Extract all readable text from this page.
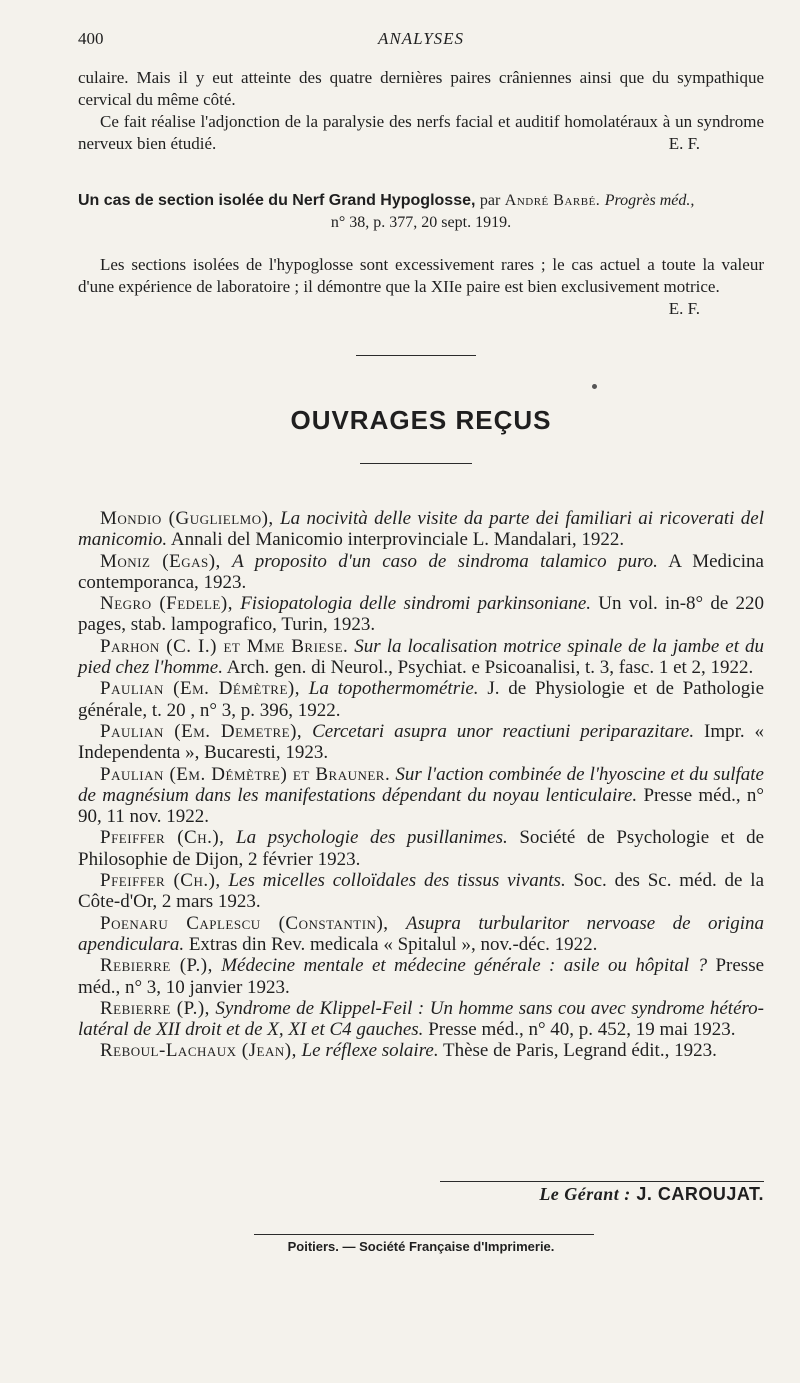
400	ANALYSES

culaire. Mais il y eut atteinte des quatre dernières paires crâniennes ainsi que du sympathique cervical du même côté.

Ce fait réalise l'adjonction de la paralysie des nerfs facial et auditif homolatéraux à un syndrome nerveux bien étudié.	E. F.

Un cas de section isolée du Nerf Grand Hypoglosse, par André Barbé. Progrès méd.,
n° 38, p. 377, 20 sept. 1919.

Les sections isolées de l'hypoglosse sont excessivement rares ; le cas actuel a toute la valeur d'une expérience de laboratoire ; il démontre que la XIIe paire est bien exclusivement motrice.
E. F.

OUVRAGES REÇUS

Mondio (Guglielmo), La nocività delle visite da parte dei familiari ai ricoverati del manicomio. Annali del Manicomio interprovinciale L. Mandalari, 1922.

Moniz (Egas), A proposito d'un caso de sindroma talamico puro. A Medicina contemporanca, 1923.

Negro (Fedele), Fisiopatologia delle sindromi parkinsoniane. Un vol. in-8° de 220 pages, stab. lampografico, Turin, 1923.

Parhon (C. I.) et Mme Briese. Sur la localisation motrice spinale de la jambe et du pied chez l'homme. Arch. gen. di Neurol., Psychiat. e Psicoanalisi, t. 3, fasc. 1 et 2, 1922.

Paulian (Em. Démètre), La topothermométrie. J. de Physiologie et de Pathologie générale, t. 20 , n° 3, p. 396, 1922.

Paulian (Em. Demetre), Cercetari asupra unor reactiuni periparazitare. Impr. « Independenta », Bucaresti, 1923.

Paulian (Em. Démètre) et Brauner. Sur l'action combinée de l'hyoscine et du sulfate de magnésium dans les manifestations dépendant du noyau lenticulaire. Presse méd., n° 90, 11 nov. 1922.

Pfeiffer (Ch.), La psychologie des pusillanimes. Société de Psychologie et de Philosophie de Dijon, 2 février 1923.

Pfeiffer (Ch.), Les micelles colloïdales des tissus vivants. Soc. des Sc. méd. de la Côte-d'Or, 2 mars 1923.

Poenaru Caplescu (Constantin), Asupra turbularitor nervoase de origina apendiculara. Extras din Rev. medicala « Spitalul », nov.-déc. 1922.

Rebierre (P.), Médecine mentale et médecine générale : asile ou hôpital ? Presse méd., n° 3, 10 janvier 1923.

Rebierre (P.), Syndrome de Klippel-Feil : Un homme sans cou avec syndrome hétéro-latéral de XII droit et de X, XI et C4 gauches. Presse méd., n° 40, p. 452, 19 mai 1923.

Reboul-Lachaux (Jean), Le réflexe solaire. Thèse de Paris, Legrand édit., 1923.

Le Gérant : J. CAROUJAT.
Poitiers. — Société Française d'Imprimerie.
